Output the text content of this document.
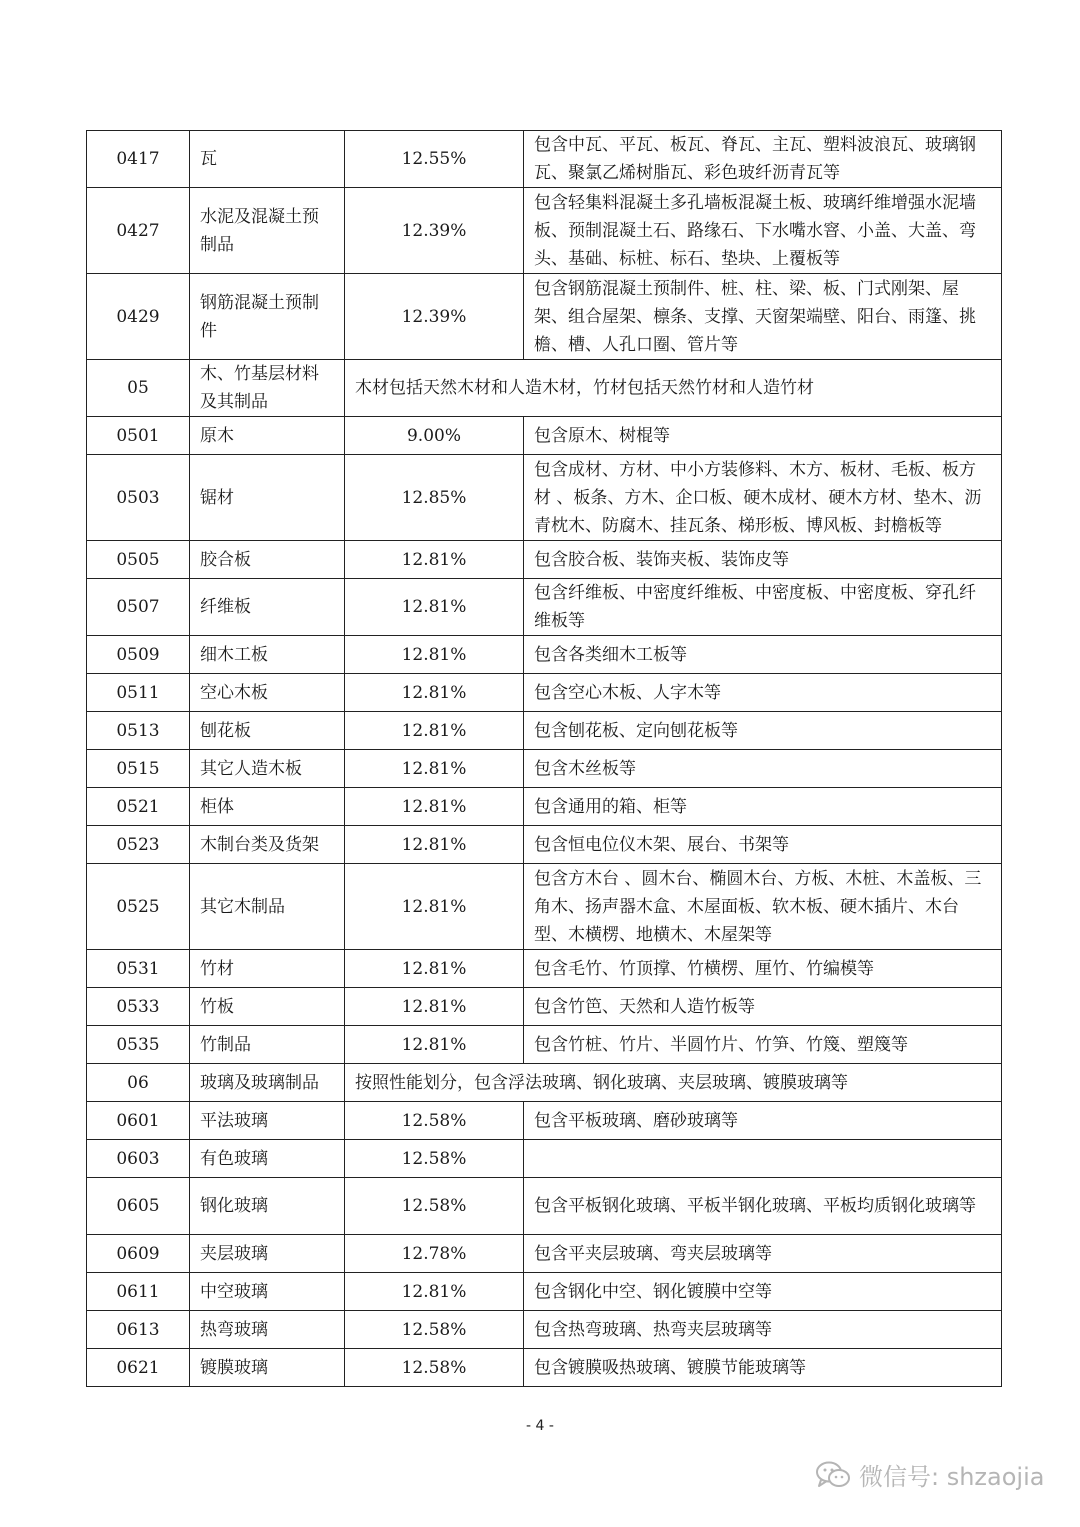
0417	瓦	12.55%	包含中瓦、平瓦、板瓦、脊瓦、主瓦、塑料波浪瓦、玻璃钢瓦、聚氯乙烯树脂瓦、彩色玻纤沥青瓦等
0427	水泥及混凝土预制品	12.39%	包含轻集料混凝土多孔墙板混凝土板、玻璃纤维增强水泥墙板、预制混凝土石、路缘石、下水嘴水窨、小盖、大盖、弯头、基础、标桩、标石、垫块、上覆板等
0429	钢筋混凝土预制件	12.39%	包含钢筋混凝土预制件、桩、柱、梁、板、门式刚架、屋架、组合屋架、檩条、支撑、天窗架端壁、阳台、雨篷、挑檐、槽、人孔口圈、管片等
05	木、竹基层材料及其制品	木材包括天然木材和人造木材，竹材包括天然竹材和人造竹材	
0501	原木	9.00%	包含原木、树棍等
0503	锯材	12.85%	包含成材、方材、中小方装修料、木方、板材、毛板、板方材 、板条、方木、企口板、硬木成材、硬木方材、垫木、沥青枕木、防腐木、挂瓦条、梯形板、博风板、封檐板等
0505	胶合板	12.81%	包含胶合板、装饰夹板、装饰皮等
0507	纤维板	12.81%	包含纤维板、中密度纤维板、中密度板、中密度板、穿孔纤维板等
0509	细木工板	12.81%	包含各类细木工板等
0511	空心木板	12.81%	包含空心木板、人字木等
0513	刨花板	12.81%	包含刨花板、定向刨花板等
0515	其它人造木板	12.81%	包含木丝板等
0521	柜体	12.81%	包含通用的箱、柜等
0523	木制台类及货架	12.81%	包含恒电位仪木架、展台、书架等
0525	其它木制品	12.81%	包含方木台 、圆木台、椭圆木台、方板、木桩、木盖板、三角木、扬声器木盒、木屋面板、软木板、硬木插片、木台型、木横楞、地横木、木屋架等
0531	竹材	12.81%	包含毛竹、竹顶撑、竹横楞、厘竹、竹编模等
0533	竹板	12.81%	包含竹笆、天然和人造竹板等
0535	竹制品	12.81%	包含竹桩、竹片、半圆竹片、竹笋、竹篾、塑篾等
06	玻璃及玻璃制品	按照性能划分，包含浮法玻璃、钢化玻璃、夹层玻璃、镀膜玻璃等	
0601	平法玻璃	12.58%	包含平板玻璃、磨砂玻璃等
0603	有色玻璃	12.58%	
0605	钢化玻璃	12.58%	包含平板钢化玻璃、平板半钢化玻璃、平板均质钢化玻璃等
0609	夹层玻璃	12.78%	包含平夹层玻璃、弯夹层玻璃等
0611	中空玻璃	12.81%	包含钢化中空、钢化镀膜中空等
0613	热弯玻璃	12.58%	包含热弯玻璃、热弯夹层玻璃等
0621	镀膜玻璃	12.58%	包含镀膜吸热玻璃、镀膜节能玻璃等
- 4 -
微信号: shzaojia
